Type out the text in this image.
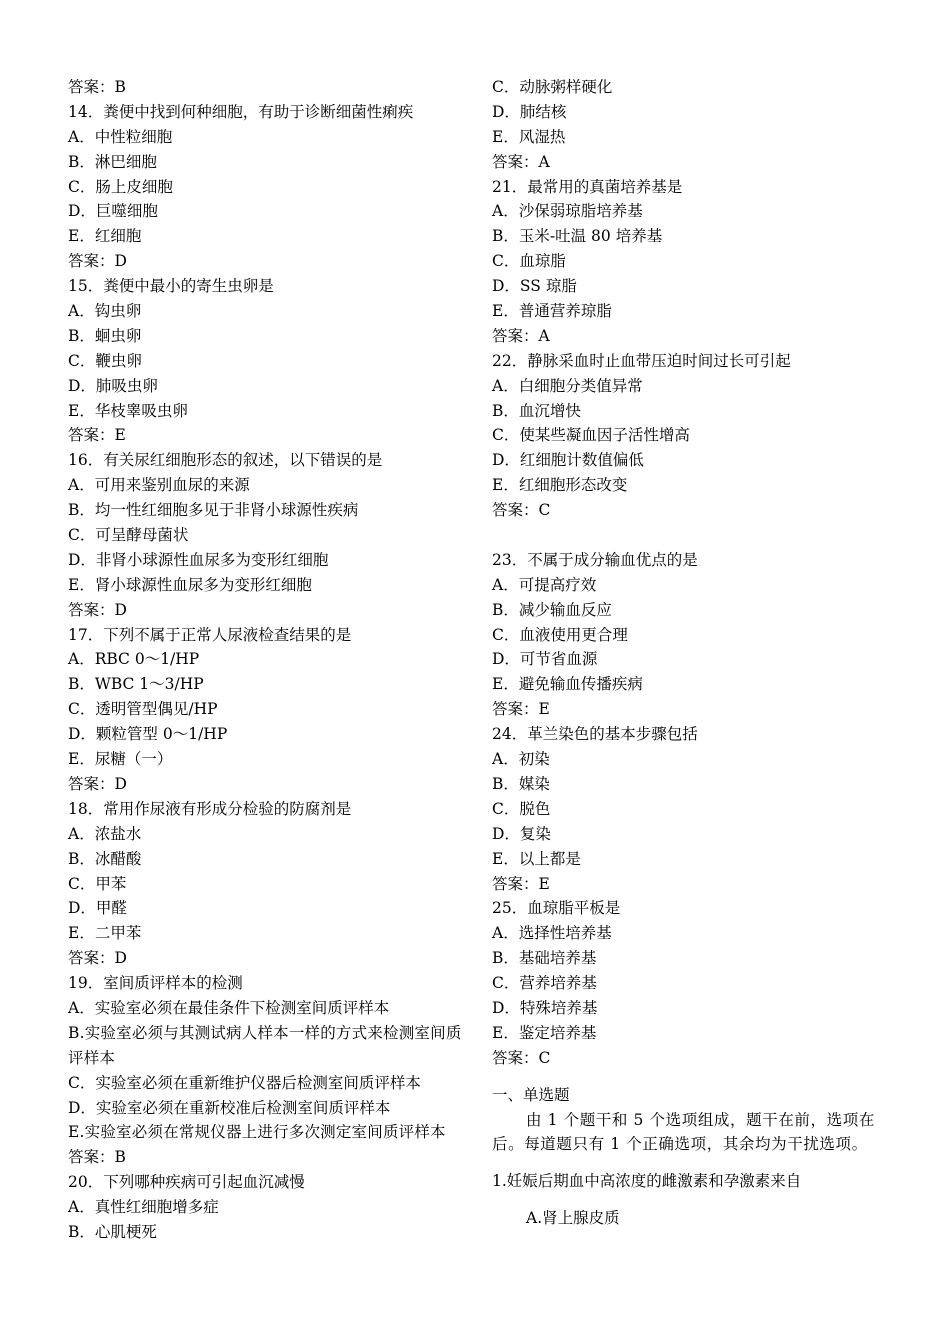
答案：B
14．粪便中找到何种细胞，有助于诊断细菌性痢疾
A．中性粒细胞
B．淋巴细胞
C．肠上皮细胞
D．巨噬细胞
E．红细胞
答案：D
15．粪便中最小的寄生虫卵是
A．钩虫卵
B．蛔虫卵
C．鞭虫卵
D．肺吸虫卵
E．华枝睾吸虫卵
答案：E
16．有关尿红细胞形态的叙述，以下错误的是
A．可用来鉴别血尿的来源
B．均一性红细胞多见于非肾小球源性疾病
C．可呈酵母菌状
D．非肾小球源性血尿多为变形红细胞
E．肾小球源性血尿多为变形红细胞
答案：D
17．下列不属于正常人尿液检查结果的是
A．RBC 0～1/HP
B．WBC 1～3/HP
C．透明管型偶见/HP
D．颗粒管型 0～1/HP
E．尿糖（一）
答案：D
18．常用作尿液有形成分检验的防腐剂是
A．浓盐水
B．冰醋酸
C．甲苯
D．甲醛
E．二甲苯
答案：D
19．室间质评样本的检测
A．实验室必须在最佳条件下检测室间质评样本
B.实验室必须与其测试病人样本一样的方式来检测室间质评样本
C．实验室必须在重新维护仪器后检测室间质评样本
D．实验室必须在重新校准后检测室间质评样本
E.实验室必须在常规仪器上进行多次测定室间质评样本
答案：B
20．下列哪种疾病可引起血沉减慢
A．真性红细胞增多症
B．心肌梗死
C．动脉粥样硬化
D．肺结核
E．风湿热
答案：A
21．最常用的真菌培养基是
A．沙保弱琼脂培养基
B．玉米-吐温 80 培养基
C．血琼脂
D．SS 琼脂
E．普通营养琼脂
答案：A
22．静脉采血时止血带压迫时间过长可引起
A．白细胞分类值异常
B．血沉增快
C．使某些凝血因子活性增高
D．红细胞计数值偏低
E．红细胞形态改变
答案：C
23．不属于成分输血优点的是
A．可提高疗效
B．减少输血反应
C．血液使用更合理
D．可节省血源
E．避免输血传播疾病
答案：E
24．革兰染色的基本步骤包括
A．初染
B．媒染
C．脱色
D．复染
E．以上都是
答案：E
25．血琼脂平板是
A．选择性培养基
B．基础培养基
C．营养培养基
D．特殊培养基
E．鉴定培养基
答案：C
一、单选题
由 1 个题干和 5 个选项组成，题干在前，选项在后。每道题只有 1 个正确选项，其余均为干扰选项。
1.妊娠后期血中高浓度的雌激素和孕激素来自
A.肾上腺皮质
